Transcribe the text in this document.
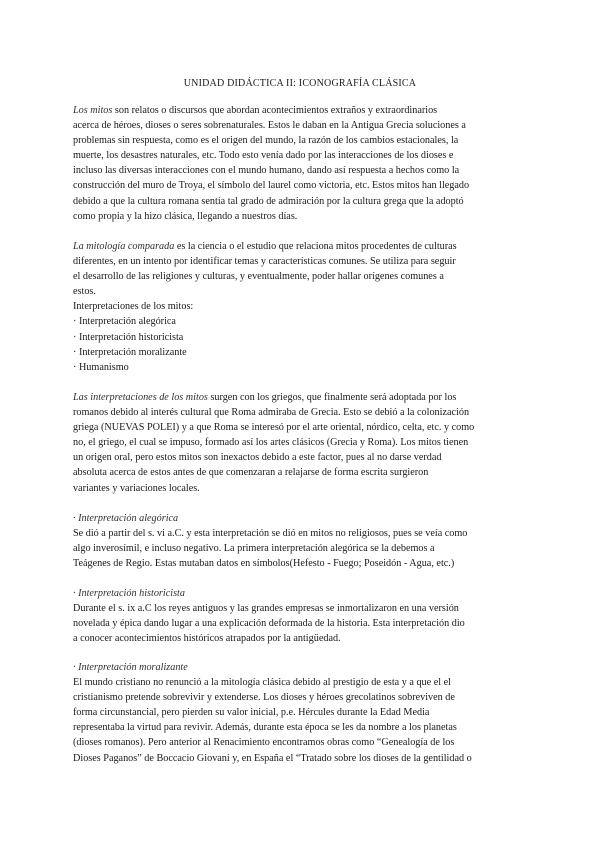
UNIDAD DIDÁCTICA II: ICONOGRAFÍA CLÁSICA
Los mitos son relatos o discursos que abordan acontecimientos extraños y extraordinarios
acerca de héroes, dioses o seres sobrenaturales. Estos le daban en la Antigua Grecia soluciones a
problemas sin respuesta, como es el origen del mundo, la razón de los cambios estacionales, la
muerte, los desastres naturales, etc. Todo esto venía dado por las interacciones de los dioses e
incluso las diversas interacciones con el mundo humano, dando así respuesta a hechos como la
construcción del muro de Troya, el símbolo del laurel como victoria, etc. Estos mitos han llegado
debido a que la cultura romana sentía tal grado de admiración por la cultura grega que la adoptó
como propia y la hizo clásica, llegando a nuestros días.
La mitología comparada es la ciencia o el estudio que relaciona mitos procedentes de culturas
diferentes, en un intento por identificar temas y características comunes. Se utiliza para seguir
el desarrollo de las religiones y culturas, y eventualmente, poder hallar orígenes comunes a
estos.
Interpretaciones de los mitos:
· Interpretación alegórica
· Interpretación historicista
· Interpretación moralizante
· Humanismo
Las interpretaciones de los mitos surgen con los griegos, que finalmente será adoptada por los
romanos debido al interés cultural que Roma admiraba de Grecia. Esto se debió a la colonización
griega (NUEVAS POLEI) y a que Roma se interesó por el arte oriental, nórdico, celta, etc. y como
no, el griego, el cual se impuso, formado así los artes clásicos (Grecia y Roma). Los mitos tienen
un origen oral, pero estos mitos son inexactos debido a este factor, pues al no darse verdad
absoluta acerca de estos antes de que comenzaran a relajarse de forma escrita surgieron
variantes y variaciones locales.
· Interpretación alegórica
Se dió a partir del s. vi a.C. y esta interpretación se dió en mitos no religiosos, pues se veía como
algo inverosímil, e incluso negativo. La primera interpretación alegórica se la debemos a
Teágenes de Regio. Estas mutaban datos en símbolos(Hefesto - Fuego; Poseidón - Agua, etc.)
· Interpretación historicista
Durante el s. ix a.C los reyes antiguos y las grandes empresas se inmortalizaron en una versión
novelada y épica dando lugar a una explicación deformada de la historia. Esta interpretación dio
a conocer acontecimientos históricos atrapados por la antigüedad.
· Interpretación moralizante
El mundo cristiano no renunció a la mitología clásica debido al prestigio de esta y a que el el
cristianismo pretende sobrevivir y extenderse. Los dioses y héroes grecolatinos sobreviven de
forma circunstancial, pero pierden su valor inicial, p.e. Hércules durante la Edad Media
representaba la virtud para revivir. Además, durante esta época se les da nombre a los planetas
(dioses romanos). Pero anterior al Renacimiento encontramos obras como “Genealogía de los
Dioses Paganos” de Boccacio Giovani y, en España el “Tratado sobre los dioses de la gentilidad o
